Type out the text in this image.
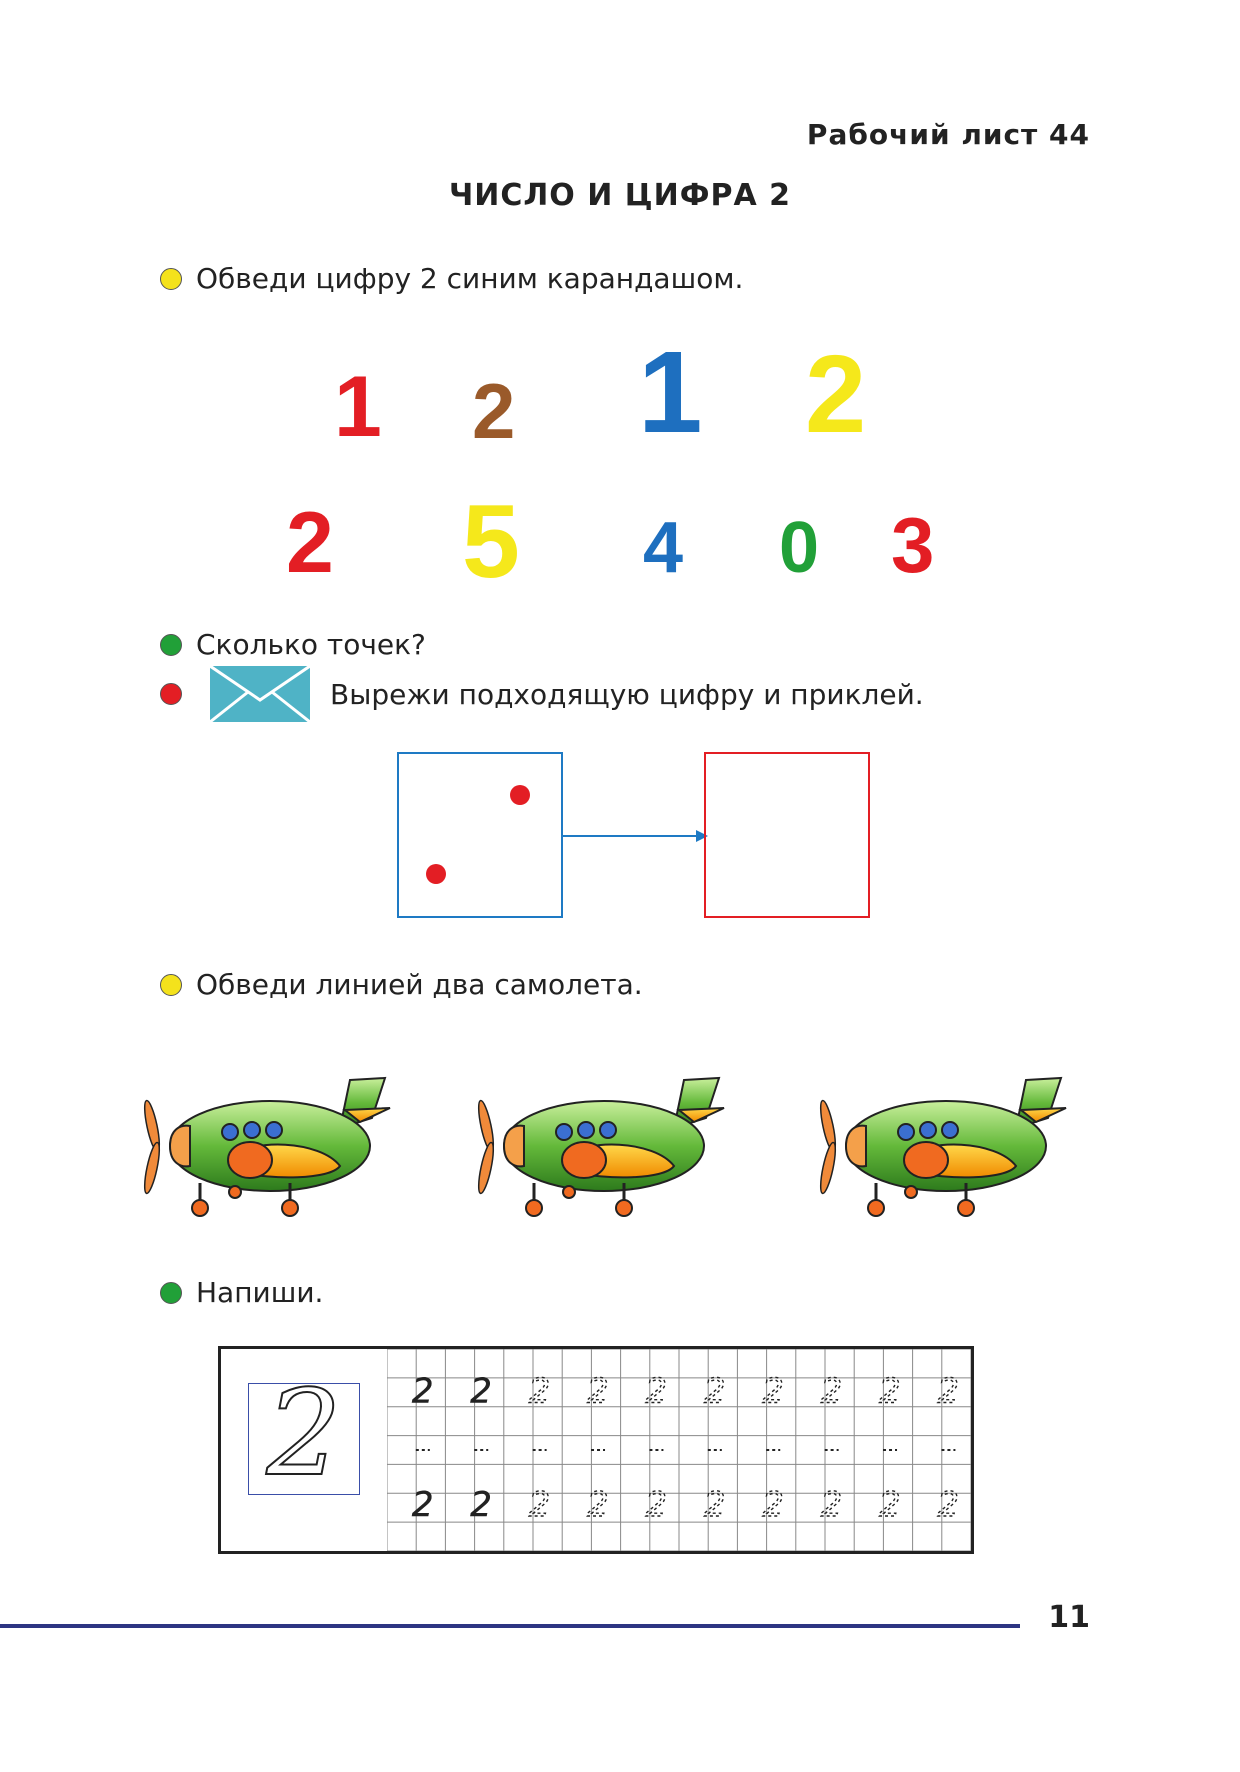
Рабочий лист 44
ЧИСЛО И ЦИФРА 2
Обведи цифру 2 синим карандашом.
1 2 1 2
2 5 4 0 3
Сколько точек?
Вырежи подходящую цифру и приклей.
Обведи линией два самолета.
Напиши.
2	2
2
2
2
2
2
2
2
2
2
2
2
2
2
2
2
2
2
2
2
11
